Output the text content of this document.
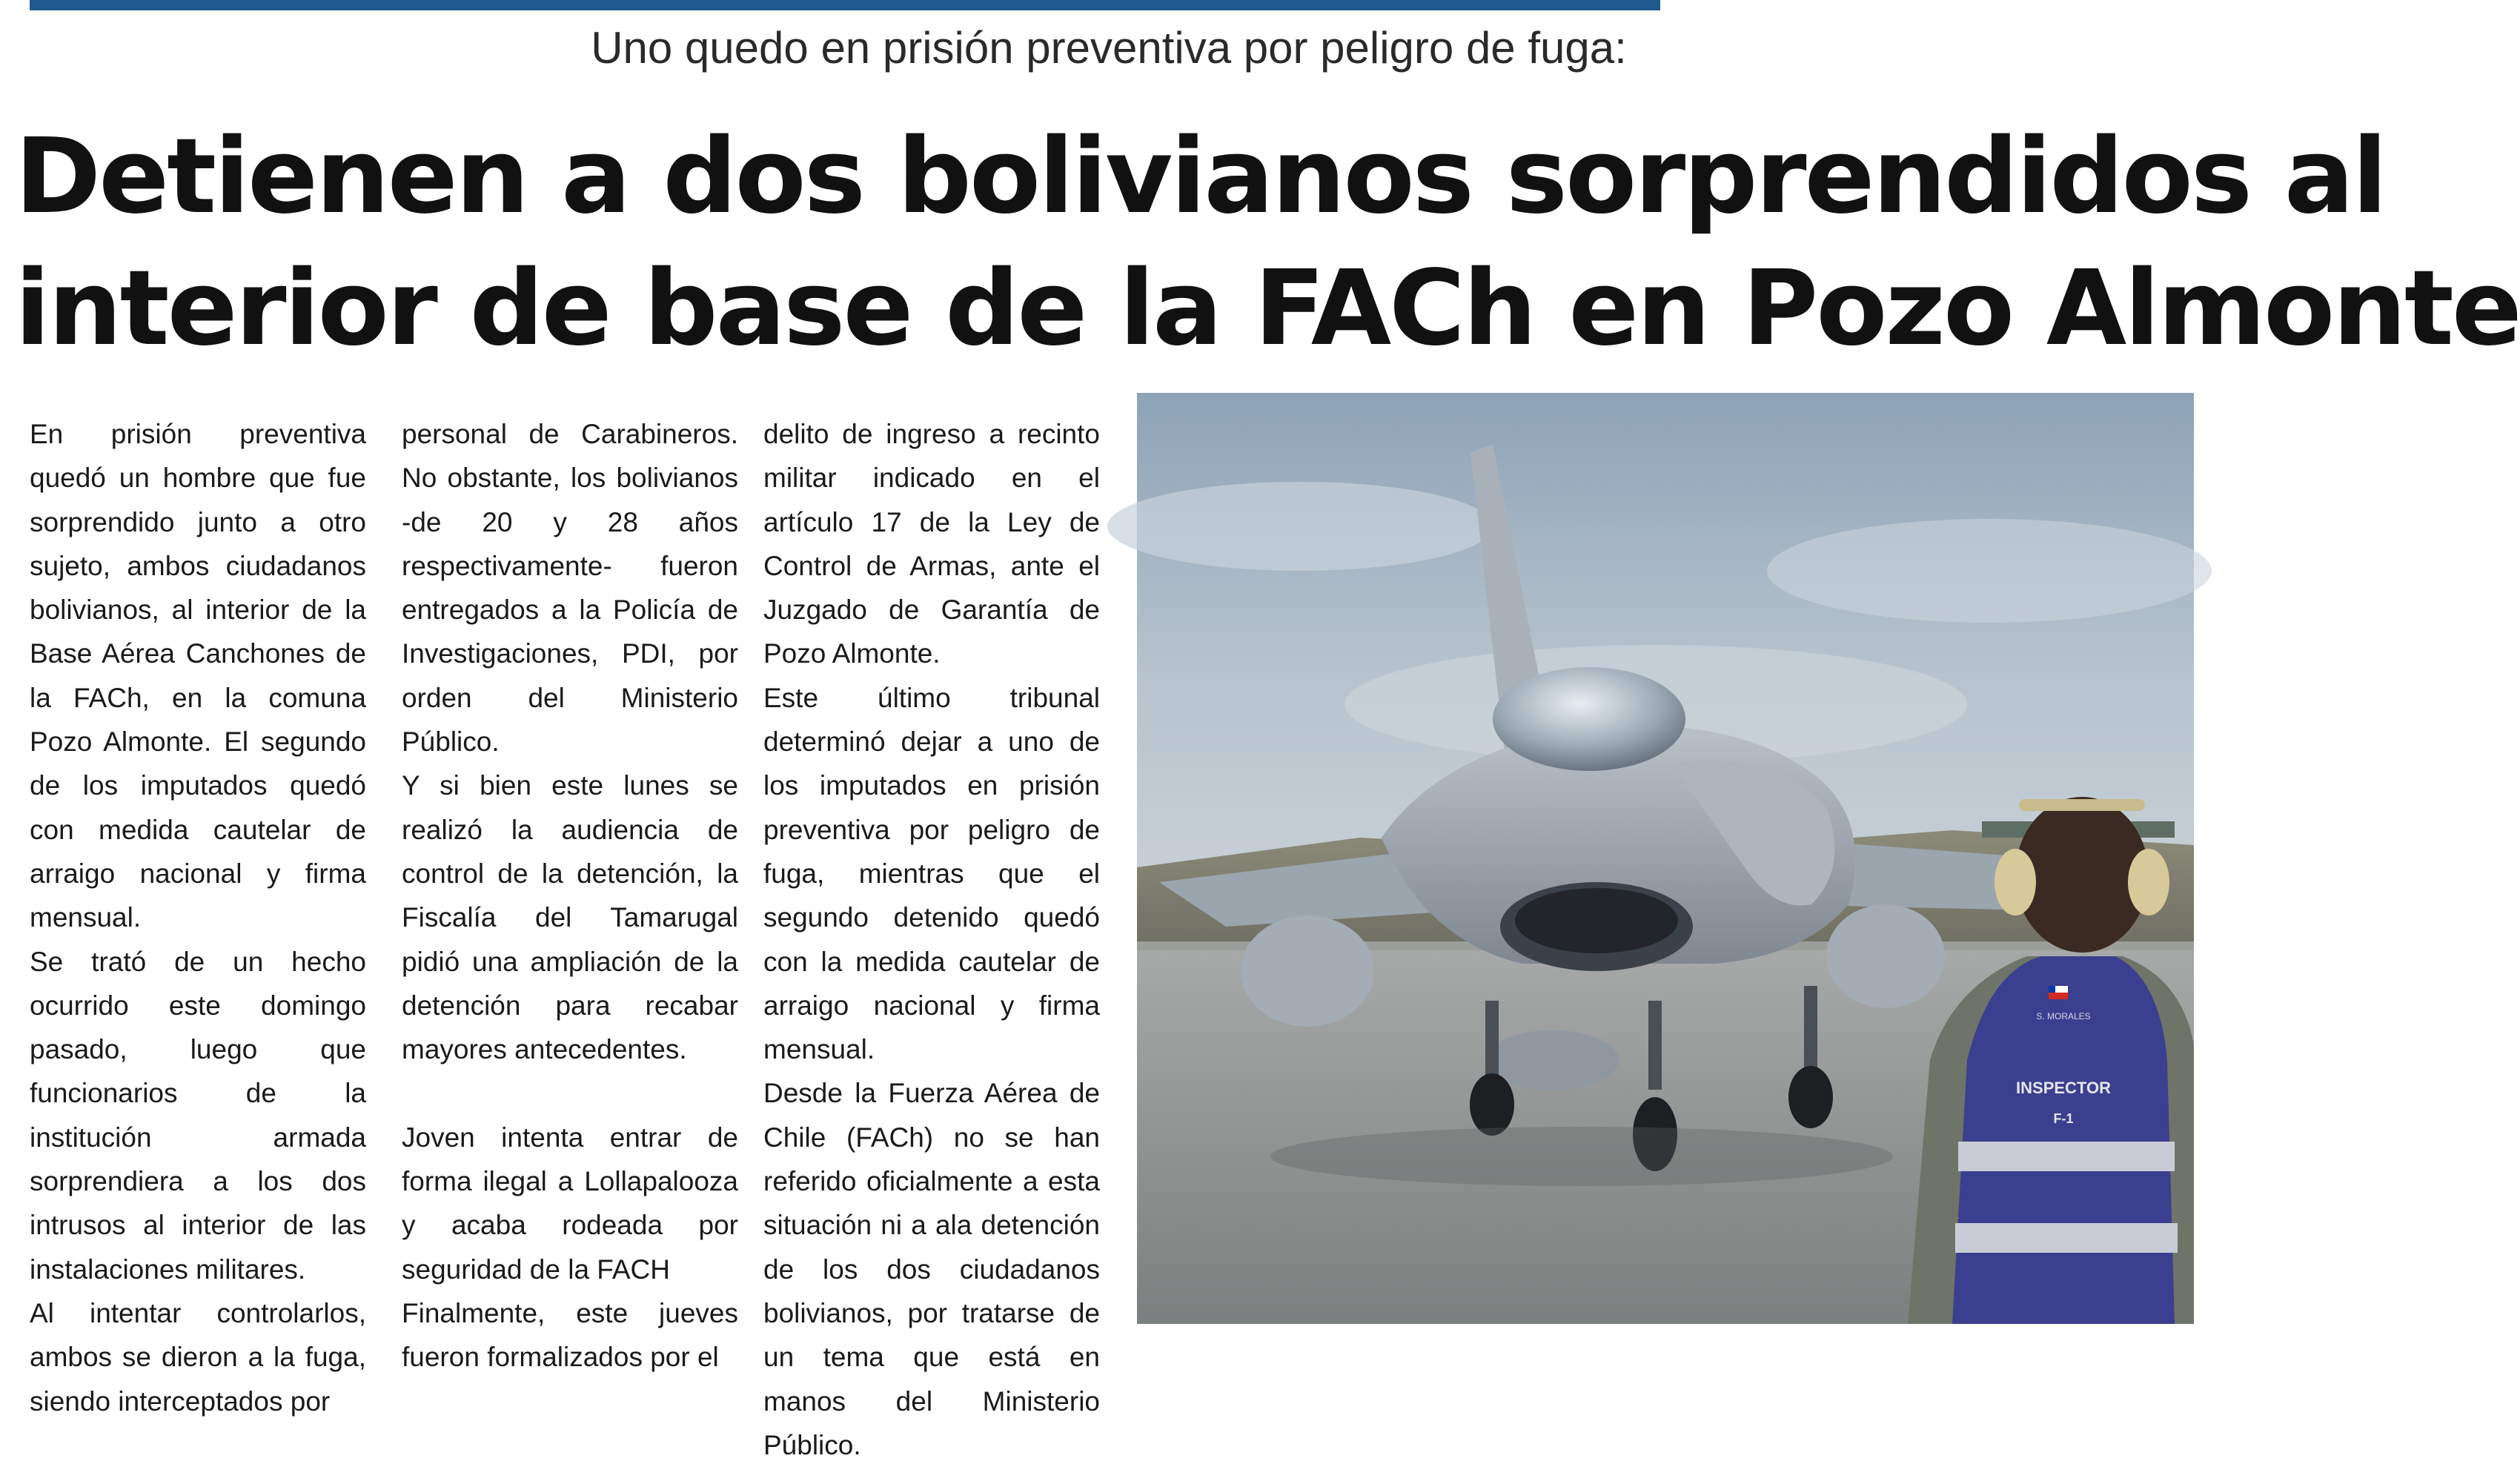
Uno quedo en prisión preventiva por peligro de fuga:
Detienen a dos bolivianos sorprendidos al
interior de base de la FACh en Pozo Almonte

En prisión preventiva quedó un hombre que fue sorprendido junto a otro sujeto, ambos ciudadanos bolivianos, al interior de la Base Aérea Canchones de la FACh, en la comuna Pozo Almonte. El segundo de los imputados quedó con medida cautelar de arraigo nacional y firma mensual.

Se trató de un hecho ocurrido este domingo pasado, luego que funcionarios de la institución armada sorprendiera a los dos intrusos al interior de las instalaciones militares.

Al intentar controlarlos, ambos se dieron a la fuga, siendo interceptados por

personal de Carabineros. No obstante, los bolivianos -de 20 y 28 años respectivamente- fueron entregados a la Policía de Investigaciones, PDI, por orden del Ministerio Público.

Y si bien este lunes se realizó la audiencia de control de la detención, la Fiscalía del Tamarugal pidió una ampliación de la detención para recabar mayores antecedentes.

Joven intenta entrar de forma ilegal a Lollapalooza y acaba rodeada por seguridad de la FACH

Finalmente, este jueves fueron formalizados por el

delito de ingreso a recinto militar indicado en el artículo 17 de la Ley de Control de Armas, ante el Juzgado de Garantía de Pozo Almonte.

Este último tribunal determinó dejar a uno de los imputados en prisión preventiva por peligro de fuga, mientras que el segundo detenido quedó con la medida cautelar de arraigo nacional y firma mensual.

Desde la Fuerza Aérea de Chile (FACh) no se han referido oficialmente a esta situación ni a ala detención de los dos ciudadanos bolivianos, por tratarse de un tema que está en manos del Ministerio Público.

INSPECTOR
F-1
S. MORALES
